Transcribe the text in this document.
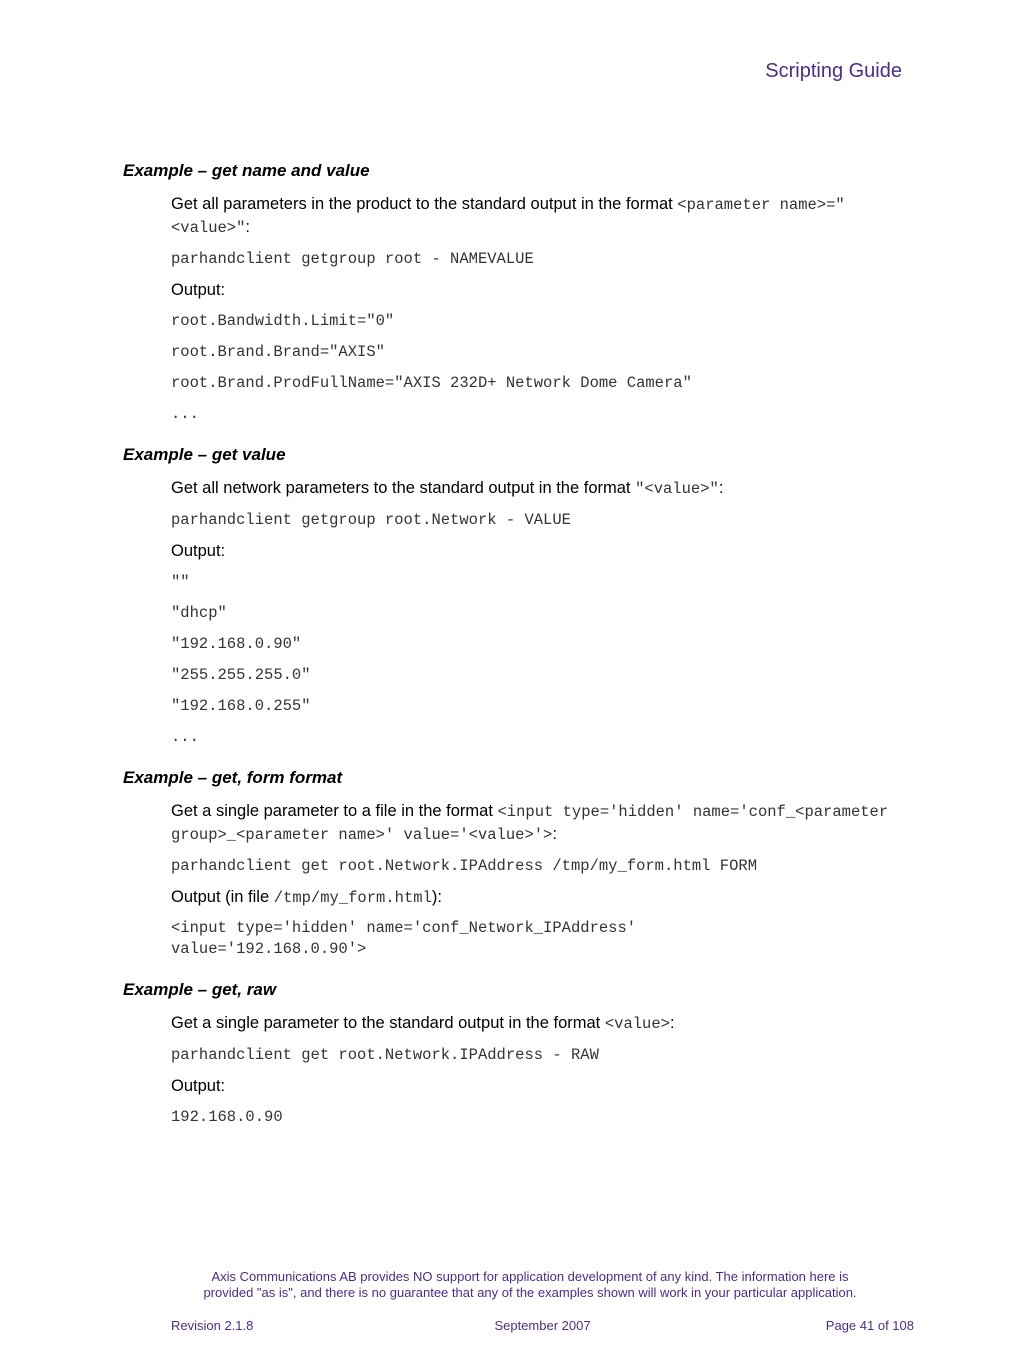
Scripting Guide
Example – get name and value
Get all parameters in the product to the standard output in the format <parameter name>="<value>":
parhandclient getgroup root - NAMEVALUE
Output:
root.Bandwidth.Limit="0"
root.Brand.Brand="AXIS"
root.Brand.ProdFullName="AXIS 232D+ Network Dome Camera"
...
Example – get value
Get all network parameters to the standard output in the format "<value>":
parhandclient getgroup root.Network - VALUE
Output:
""
"dhcp"
"192.168.0.90"
"255.255.255.0"
"192.168.0.255"
...
Example – get, form format
Get a single parameter to a file in the format <input type='hidden' name='conf_<parameter group>_<parameter name>' value='<value>'>:
parhandclient get root.Network.IPAddress /tmp/my_form.html FORM
Output (in file /tmp/my_form.html):
<input type='hidden' name='conf_Network_IPAddress'
value='192.168.0.90'>
Example – get, raw
Get a single parameter to the standard output in the format <value>:
parhandclient get root.Network.IPAddress - RAW
Output:
192.168.0.90
Axis Communications AB provides NO support for application development of any kind. The information here is
provided "as is", and there is no guarantee that any of the examples shown will work in your particular application.
Revision 2.1.8	September 2007	Page 41 of 108
